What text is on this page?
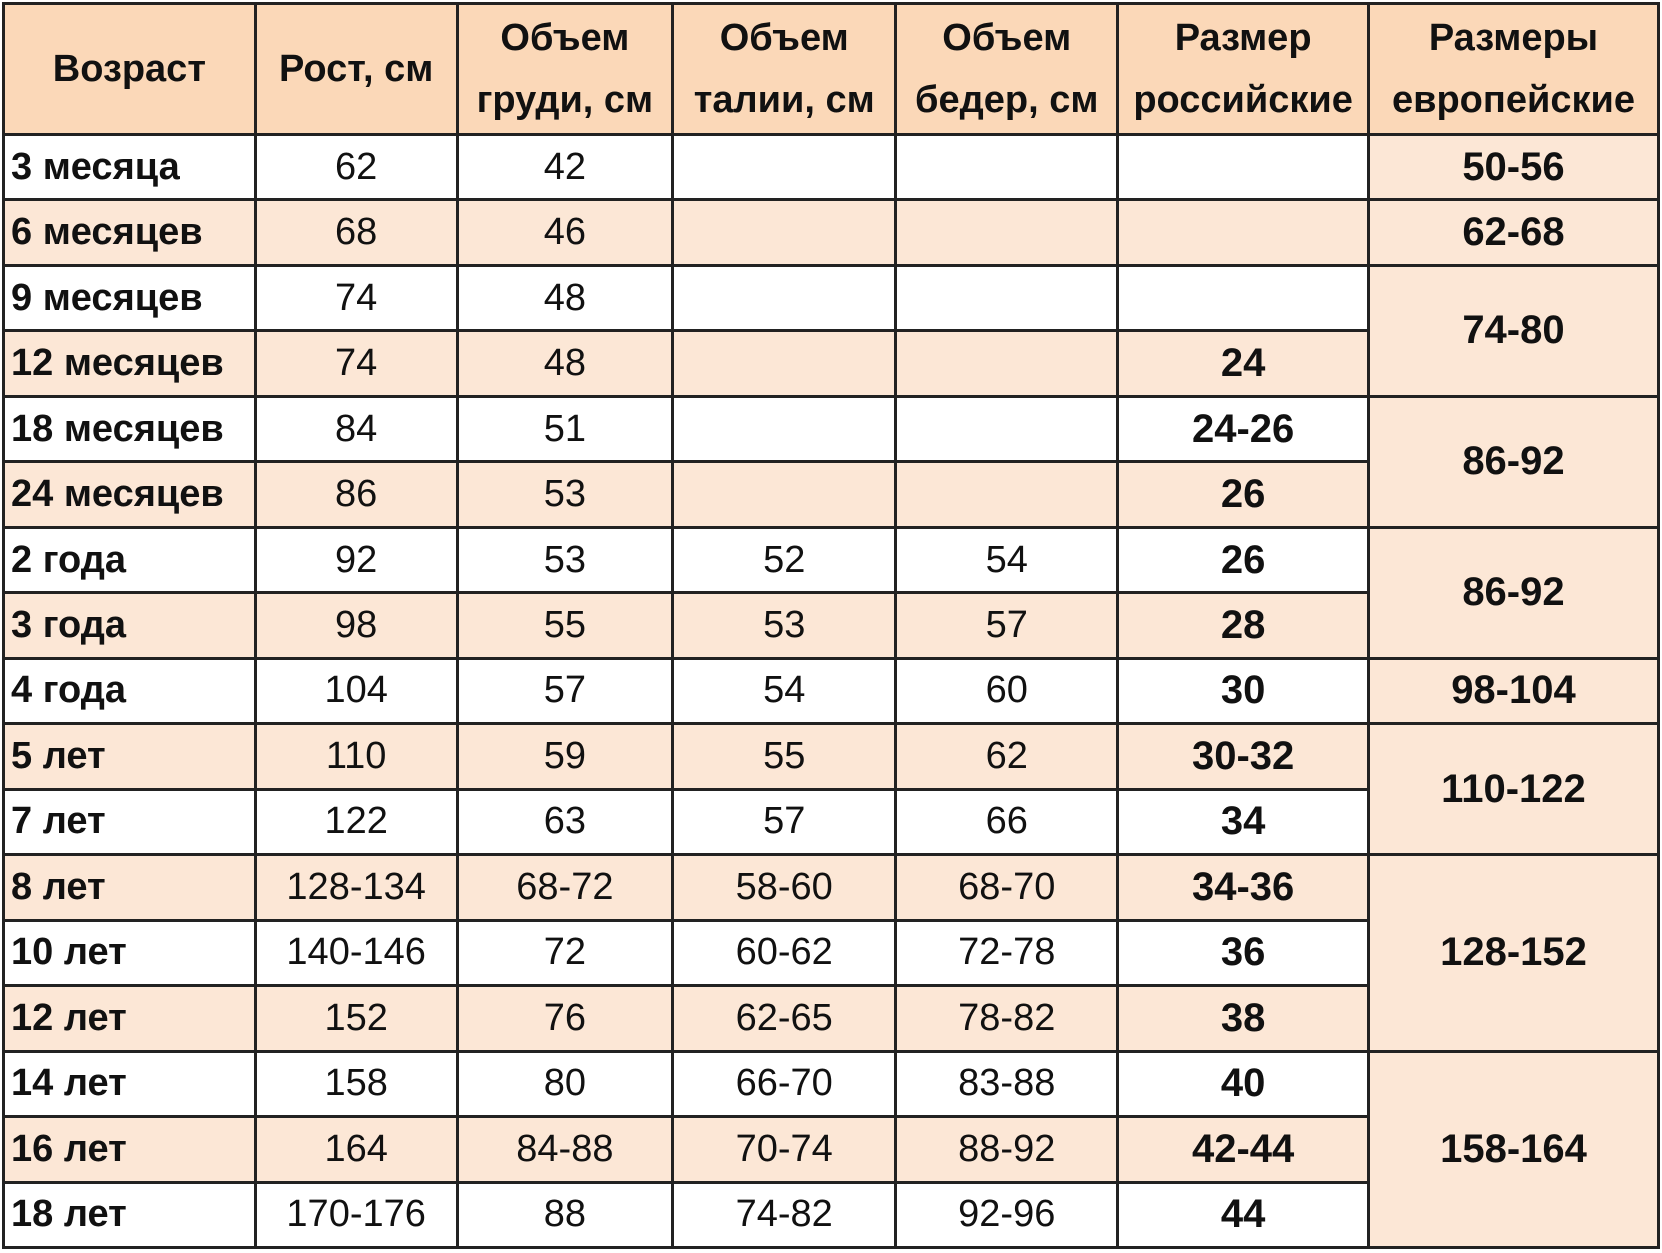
Возраст	Рост, см	Объем груди, см	Объем талии, см	Объем бедер, см	Размер российские	Размеры европейские
3 месяца	62	42				50-56
6 месяцев	68	46				62-68
9 месяцев	74	48				74-80
12 месяцев	74	48			24	
18 месяцев	84	51			24-26	86-92
24 месяцев	86	53			26	
2 года	92	53	52	54	26	86-92
3 года	98	55	53	57	28	
4 года	104	57	54	60	30	98-104
5 лет	110	59	55	62	30-32	110-122
7 лет	122	63	57	66	34	
8 лет	128-134	68-72	58-60	68-70	34-36	128-152
10 лет	140-146	72	60-62	72-78	36	
12 лет	152	76	62-65	78-82	38	
14 лет	158	80	66-70	83-88	40	158-164
16 лет	164	84-88	70-74	88-92	42-44	
18 лет	170-176	88	74-82	92-96	44	
